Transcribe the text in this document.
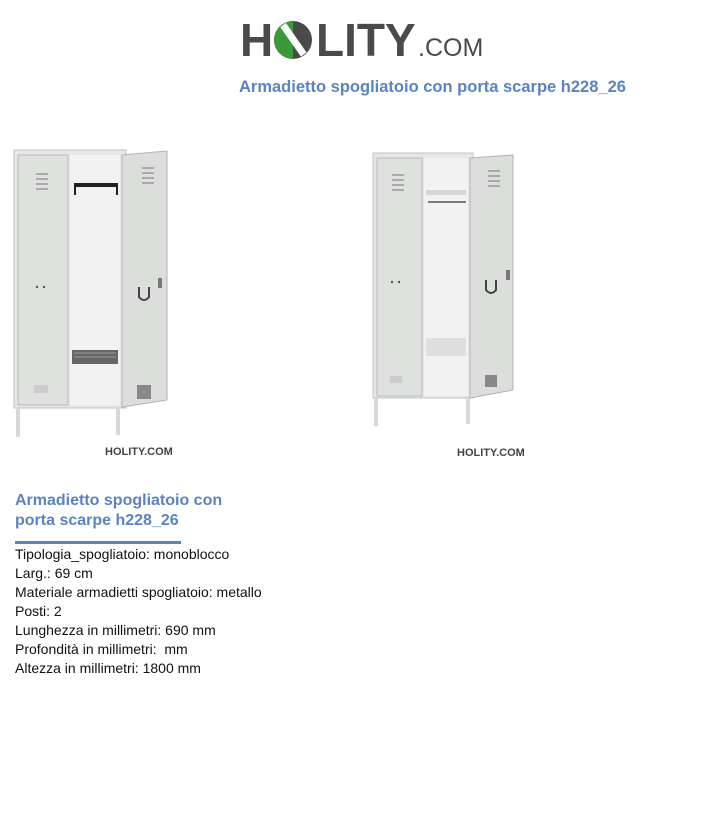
H LITY .COM
Armadietto spogliatoio con porta scarpe h228_26
HOLITY.COM	HOLITY.COM
Armadietto spogliatoio con
porta scarpe h228_26
Tipologia_spogliatoio: monoblocco
Larg.: 69 cm
Materiale armadietti spogliatoio: metallo
Posti: 2
Lunghezza in millimetri: 690 mm
Profondità in millimetri:  mm
Altezza in millimetri: 1800 mm
